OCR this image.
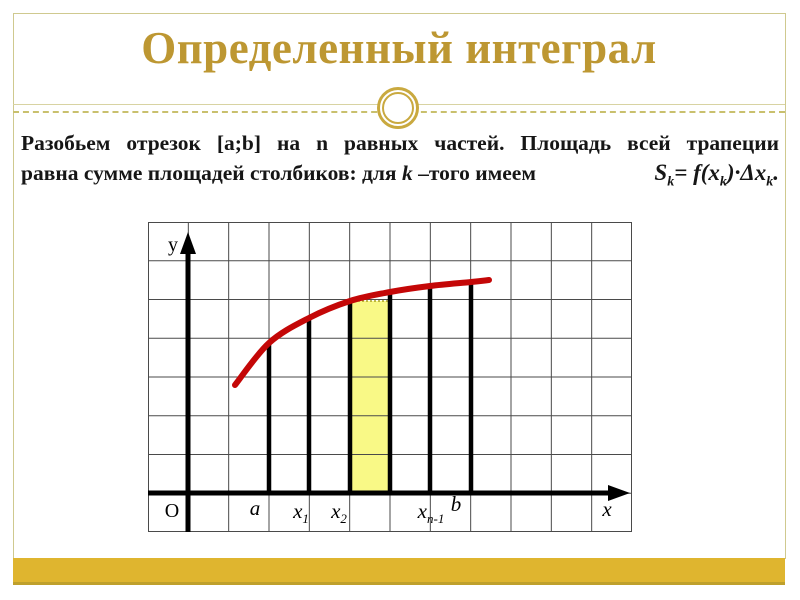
Определенный интеграл
Разобьем отрезок [a;b] на n равных частей. Площадь всей трапеции
равна сумме площадей столбиков: для k –того имеем	$S_k= f(x_k)\cdot\Delta x_k$.
y
O	a $x_1$ $x_2$	$x_{n-1}$
b	x
